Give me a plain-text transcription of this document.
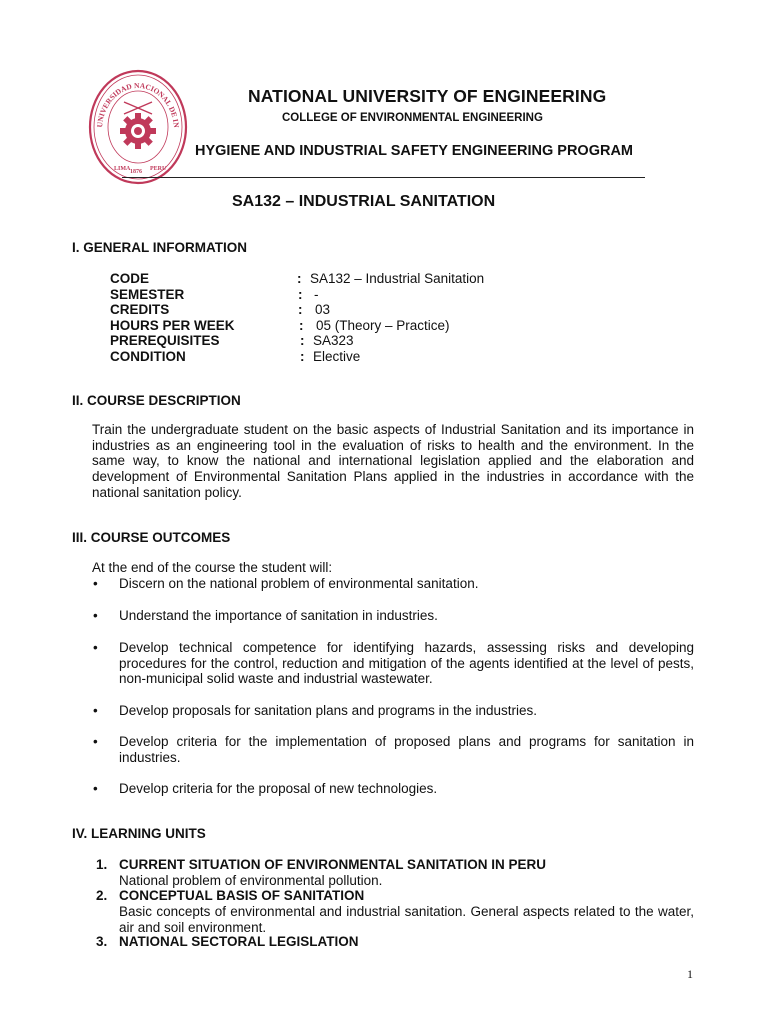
UNIVERSIDAD NACIONAL DE IN
LIMA 1876 PERU
NATIONAL UNIVERSITY OF ENGINEERING
COLLEGE OF ENVIRONMENTAL ENGINEERING
HYGIENE AND INDUSTRIAL SAFETY ENGINEERING PROGRAM
SA132 – INDUSTRIAL SANITATION
I. GENERAL INFORMATION
CODE	: SA132 – Industrial Sanitation
SEMESTER	: -
CREDITS	: 03
HOURS PER WEEK	: 05 (Theory – Practice)
PREREQUISITES	: SA323
CONDITION	: Elective
II. COURSE DESCRIPTION
Train the undergraduate student on the basic aspects of Industrial Sanitation and its importance in industries as an engineering tool in the evaluation of risks to health and the environment. In the same way, to know the national and international legislation applied and the elaboration and development of Environmental Sanitation Plans applied in the industries in accordance with the national sanitation policy.
III. COURSE OUTCOMES
At the end of the course the student will:
• Discern on the national problem of environmental sanitation.
• Understand the importance of sanitation in industries.
• Develop technical competence for identifying hazards, assessing risks and developing procedures for the control, reduction and mitigation of the agents identified at the level of pests, non-municipal solid waste and industrial wastewater.
• Develop proposals for sanitation plans and programs in the industries.
• Develop criteria for the implementation of proposed plans and programs for sanitation in industries.
• Develop criteria for the proposal of new technologies.
IV. LEARNING UNITS
1. CURRENT SITUATION OF ENVIRONMENTAL SANITATION IN PERU
National problem of environmental pollution.
2. CONCEPTUAL BASIS OF SANITATION
Basic concepts of environmental and industrial sanitation. General aspects related to the water, air and soil environment.
3. NATIONAL SECTORAL LEGISLATION
1
